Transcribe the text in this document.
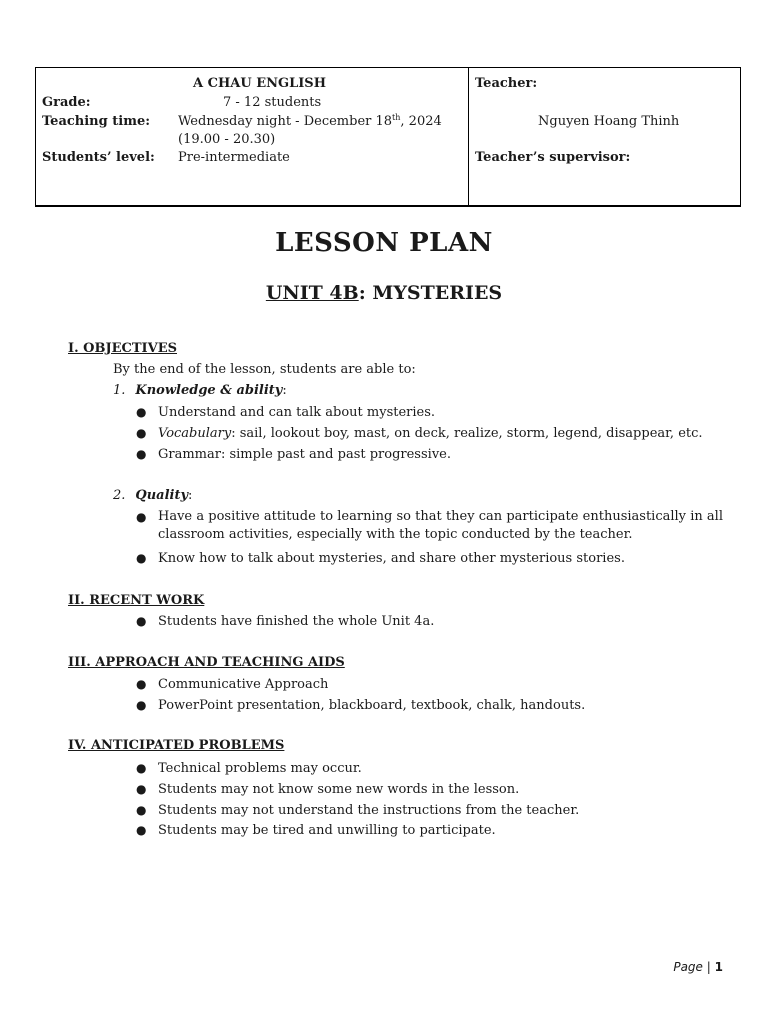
A CHAU ENGLISH
Grade:	7 - 12 students
Teaching time: Wednesday night - December 18th, 2024
(19.00 - 20.30)
Students’ level: Pre-intermediate
Teacher:
Nguyen Hoang Thinh
Teacher’s supervisor:
LESSON PLAN
UNIT 4B: MYSTERIES
I. OBJECTIVES
By the end of the lesson, students are able to:
1. Knowledge & ability:
● Understand and can talk about mysteries.
● Vocabulary: sail, lookout boy, mast, on deck, realize, storm, legend, disappear, etc.
● Grammar: simple past and past progressive.
2. Quality:
● Have a positive attitude to learning so that they can participate enthusiastically in all classroom activities, especially with the topic conducted by the teacher.
● Know how to talk about mysteries, and share other mysterious stories.
II. RECENT WORK
● Students have finished the whole Unit 4a.
III. APPROACH AND TEACHING AIDS
● Communicative Approach
● PowerPoint presentation, blackboard, textbook, chalk, handouts.
IV. ANTICIPATED PROBLEMS
● Technical problems may occur.
● Students may not know some new words in the lesson.
● Students may not understand the instructions from the teacher.
● Students may be tired and unwilling to participate.
Page | 1
